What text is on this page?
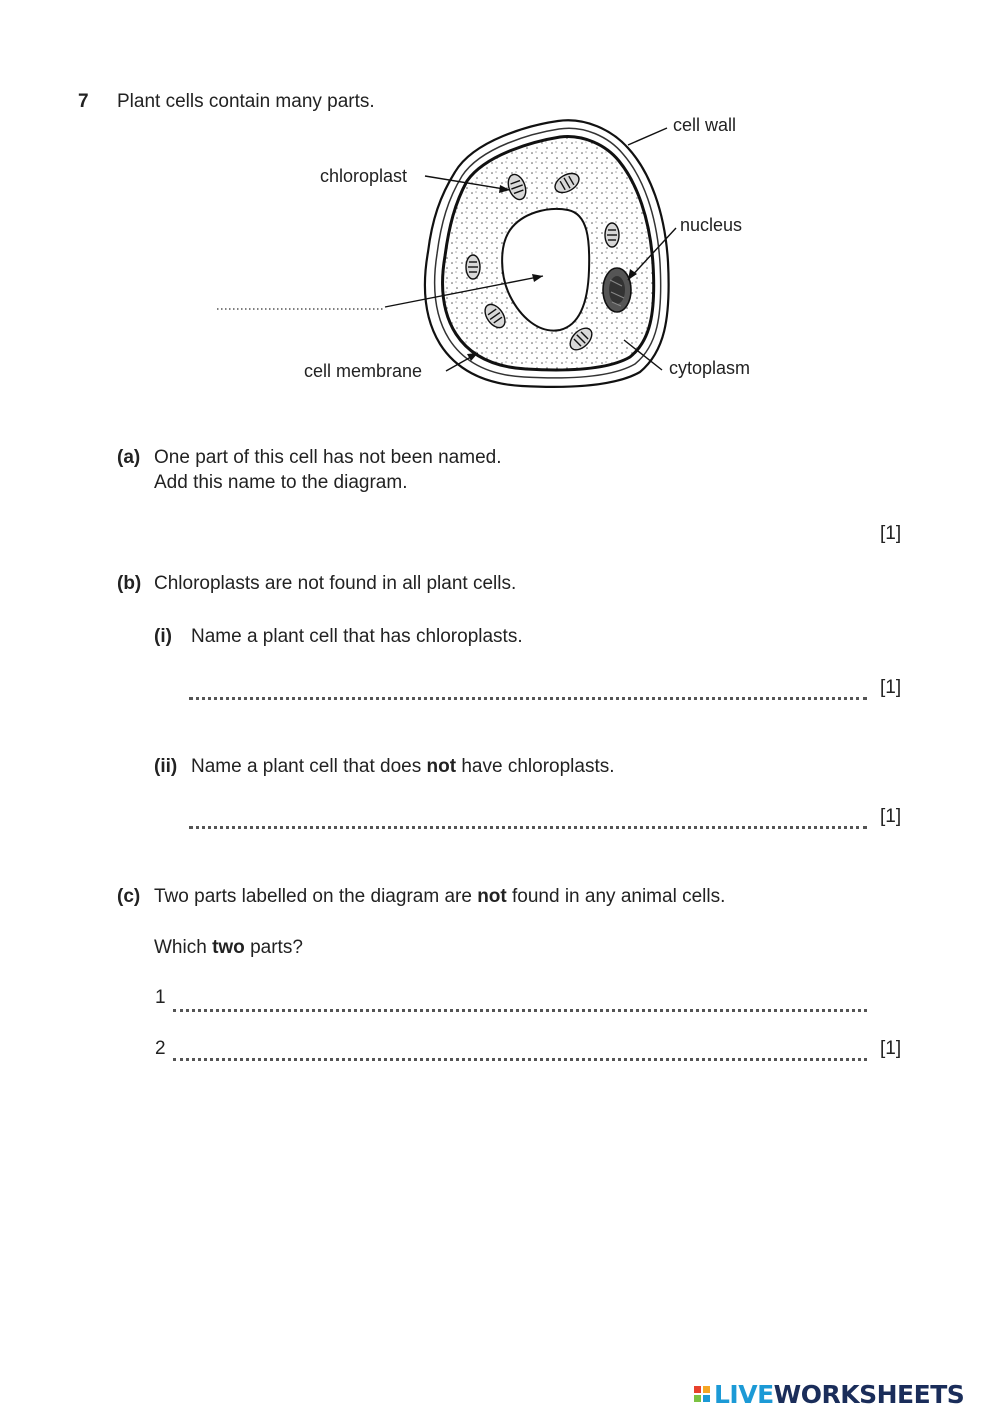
7 Plant cells contain many parts.
cell wall
chloroplast
nucleus
cell membrane	cytoplasm
(a) One part of this cell has not been named.
Add this name to the diagram.
[1]
(b) Chloroplasts are not found in all plant cells.
(i) Name a plant cell that has chloroplasts.
[1]
(ii) Name a plant cell that does not have chloroplasts.
[1]
(c) Two parts labelled on the diagram are not found in any animal cells.
Which two parts?
1
2	[1]
LIVEWORKSHEETS
